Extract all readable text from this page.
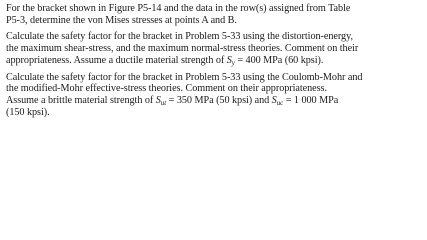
For the bracket shown in Figure P5-14 and the data in the row(s) assigned from Table
P5-3, determine the von Mises stresses at points A and B.

Calculate the safety factor for the bracket in Problem 5-33 using the distortion-energy,
the maximum shear-stress, and the maximum normal-stress theories. Comment on their
appropriateness. Assume a ductile material strength of $S_y = 400$ MPa (60 kpsi).

Calculate the safety factor for the bracket in Problem 5-33 using the Coulomb-Mohr and
the modified-Mohr effective-stress theories. Comment on their appropriateness.
Assume a brittle material strength of $S_{ut} = 350$ MPa (50 kpsi) and $S_{uc} = 1$ 000 MPa
(150 kpsi).
